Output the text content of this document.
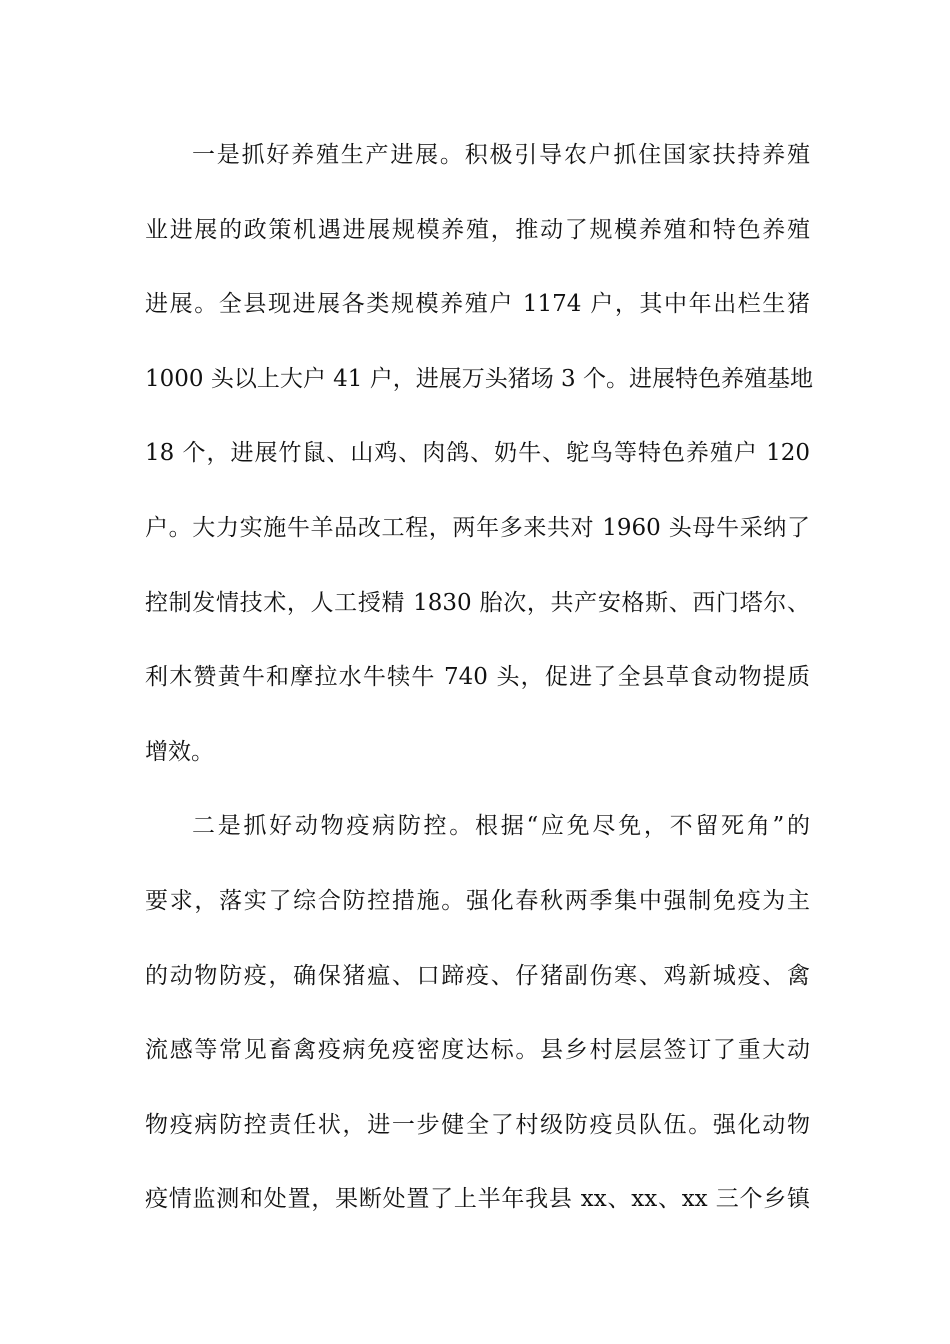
一是抓好养殖生产进展。积极引导农户抓住国家扶持养殖
业进展的政策机遇进展规模养殖，推动了规模养殖和特色养殖
进展。全县现进展各类规模养殖户 1174 户，其中年出栏生猪
1000 头以上大户 41 户，进展万头猪场 3 个。进展特色养殖基地
18 个，进展竹鼠、山鸡、肉鸽、奶牛、鸵鸟等特色养殖户 120
户。大力实施牛羊品改工程，两年多来共对 1960 头母牛采纳了
控制发情技术，人工授精 1830 胎次，共产安格斯、西门塔尔、
利木赞黄牛和摩拉水牛犊牛 740 头，促进了全县草食动物提质
增效。
二是抓好动物疫病防控。根据“应免尽免，不留死角”的
要求，落实了综合防控措施。强化春秋两季集中强制免疫为主
的动物防疫，确保猪瘟、口蹄疫、仔猪副伤寒、鸡新城疫、禽
流感等常见畜禽疫病免疫密度达标。县乡村层层签订了重大动
物疫病防控责任状，进一步健全了村级防疫员队伍。强化动物
疫情监测和处置，果断处置了上半年我县 xx、xx、xx 三个乡镇
